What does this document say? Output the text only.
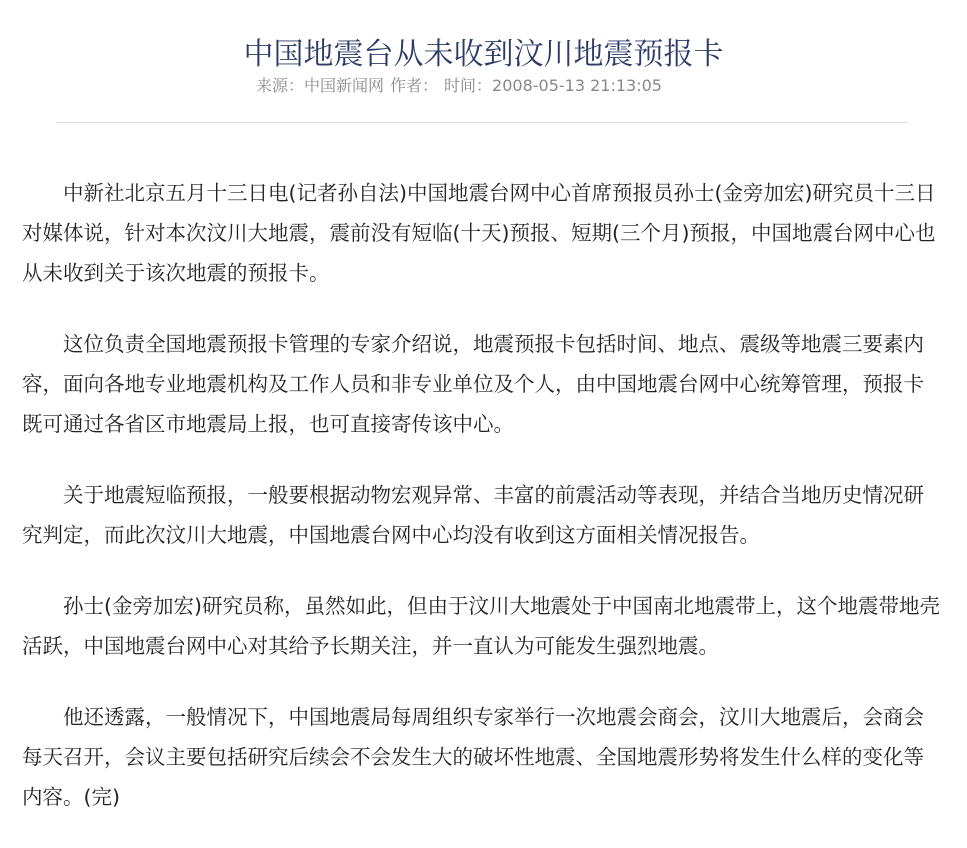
中国地震台从未收到汶川地震预报卡
来源：中国新闻网 作者： 时间：2008-05-13 21:13:05

中新社北京五月十三日电(记者孙自法)中国地震台网中心首席预报员孙士(金旁加宏)研究员十三日对媒体说，针对本次汶川大地震，震前没有短临(十天)预报、短期(三个月)预报，中国地震台网中心也从未收到关于该次地震的预报卡。

这位负责全国地震预报卡管理的专家介绍说，地震预报卡包括时间、地点、震级等地震三要素内容，面向各地专业地震机构及工作人员和非专业单位及个人，由中国地震台网中心统筹管理，预报卡既可通过各省区市地震局上报，也可直接寄传该中心。

关于地震短临预报，一般要根据动物宏观异常、丰富的前震活动等表现，并结合当地历史情况研究判定，而此次汶川大地震，中国地震台网中心均没有收到这方面相关情况报告。

孙士(金旁加宏)研究员称，虽然如此，但由于汶川大地震处于中国南北地震带上，这个地震带地壳活跃，中国地震台网中心对其给予长期关注，并一直认为可能发生强烈地震。

他还透露，一般情况下，中国地震局每周组织专家举行一次地震会商会，汶川大地震后，会商会每天召开，会议主要包括研究后续会不会发生大的破坏性地震、全国地震形势将发生什么样的变化等内容。(完)
